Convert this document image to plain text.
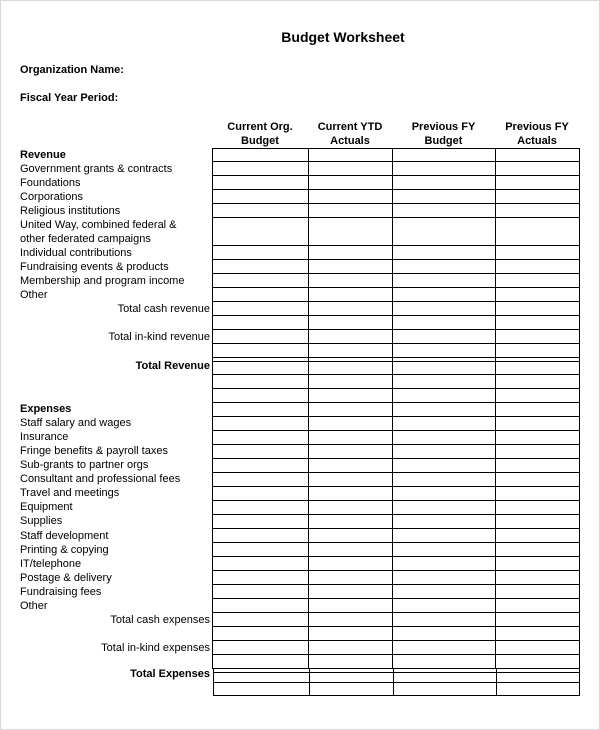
Budget Worksheet
Organization Name:
Fiscal Year Period:
Current Org.
Budget
Current YTD
Actuals
Previous FY
Budget
Previous FY
Actuals
Revenue
Government grants & contracts
Foundations
Corporations
Religious institutions
United Way, combined federal &
other federated campaigns
Individual contributions
Fundraising events & products
Membership and program income
Other
Total cash revenue
Total in-kind revenue
Total Revenue
Expenses
Staff salary and wages
Insurance
Fringe benefits & payroll taxes
Sub-grants to partner orgs
Consultant and professional fees
Travel and meetings
Equipment
Supplies
Staff development
Printing & copying
IT/telephone
Postage & delivery
Fundraising fees
Other
Total cash expenses
Total in-kind expenses
Total Expenses
